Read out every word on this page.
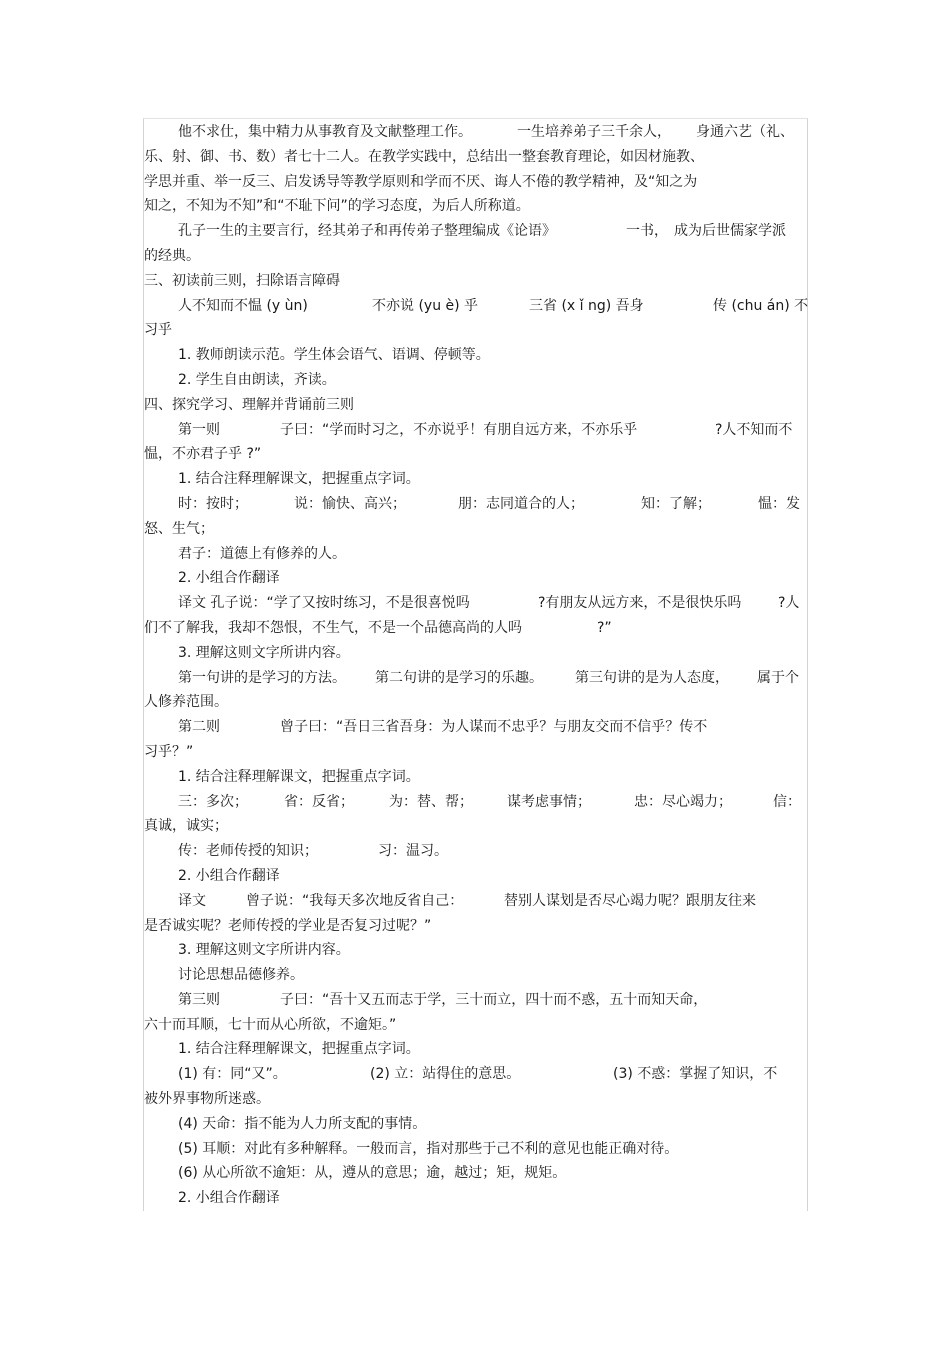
他不求仕，集中精力从事教育及文献整理工作。	一生培养弟子三千余人， 身通六艺（礼、
乐、射、御、书、数）者七十二人。在教学实践中，总结出一整套教育理论，如因材施教、
学思并重、举一反三、启发诱导等教学原则和学而不厌、诲人不倦的教学精神，及“知之为
知之，不知为不知”和“不耻下问”的学习态度，为后人所称道。
孔子一生的主要言行，经其弟子和再传弟子整理编成《论语》	一书， 成为后世儒家学派
的经典。
三、初读前三则，扫除语言障碍
人不知而不愠 (y ùn)	不亦说 (yu è) 乎	三省 (x ǐ ng) 吾身	传 (chu án) 不
习乎
1. 教师朗读示范。学生体会语气、语调、停顿等。
2. 学生自由朗读，齐读。
四、探究学习、理解并背诵前三则
第一则	子曰：“学而时习之，不亦说乎！有朋自远方来，不亦乐乎	?人不知而不
愠，不亦君子乎 ?”
1. 结合注释理解课文，把握重点字词。
时：按时；	说：愉快、高兴；	朋：志同道合的人；	知：了解；	愠：发
怒、生气；
君子：道德上有修养的人。
2. 小组合作翻译
译文 孔子说：“学了又按时练习，不是很喜悦吗	?有朋友从远方来，不是很快乐吗	?人
们不了解我，我却不怨恨，不生气，不是一个品德高尚的人吗	?”
3. 理解这则文字所讲内容。
第一句讲的是学习的方法。 第二句讲的是学习的乐趣。 第三句讲的是为人态度， 属于个
人修养范围。
第二则	曾子曰：“吾日三省吾身：为人谋而不忠乎？与朋友交而不信乎？传不
习乎？”
1. 结合注释理解课文，把握重点字词。
三：多次；	省：反省；	为：替、帮； 谋考虑事情；	忠：尽心竭力；	信：
真诚，诚实；
传：老师传授的知识；	习：温习。
2. 小组合作翻译
译文	曾子说：“我每天多次地反省自己：	替别人谋划是否尽心竭力呢？跟朋友往来
是否诚实呢？老师传授的学业是否复习过呢？”
3. 理解这则文字所讲内容。
讨论思想品德修养。
第三则	子曰：“吾十又五而志于学，三十而立，四十而不惑，五十而知天命，
六十而耳顺，七十而从心所欲，不逾矩。”
1. 结合注释理解课文，把握重点字词。
(1) 有：同“又”。	(2) 立：站得住的意思。	(3) 不惑：掌握了知识，不
被外界事物所迷惑。
(4) 天命：指不能为人力所支配的事情。
(5) 耳顺：对此有多种解释。一般而言，指对那些于己不利的意见也能正确对待。
(6) 从心所欲不逾矩：从，遵从的意思；逾，越过；矩，规矩。
2. 小组合作翻译
